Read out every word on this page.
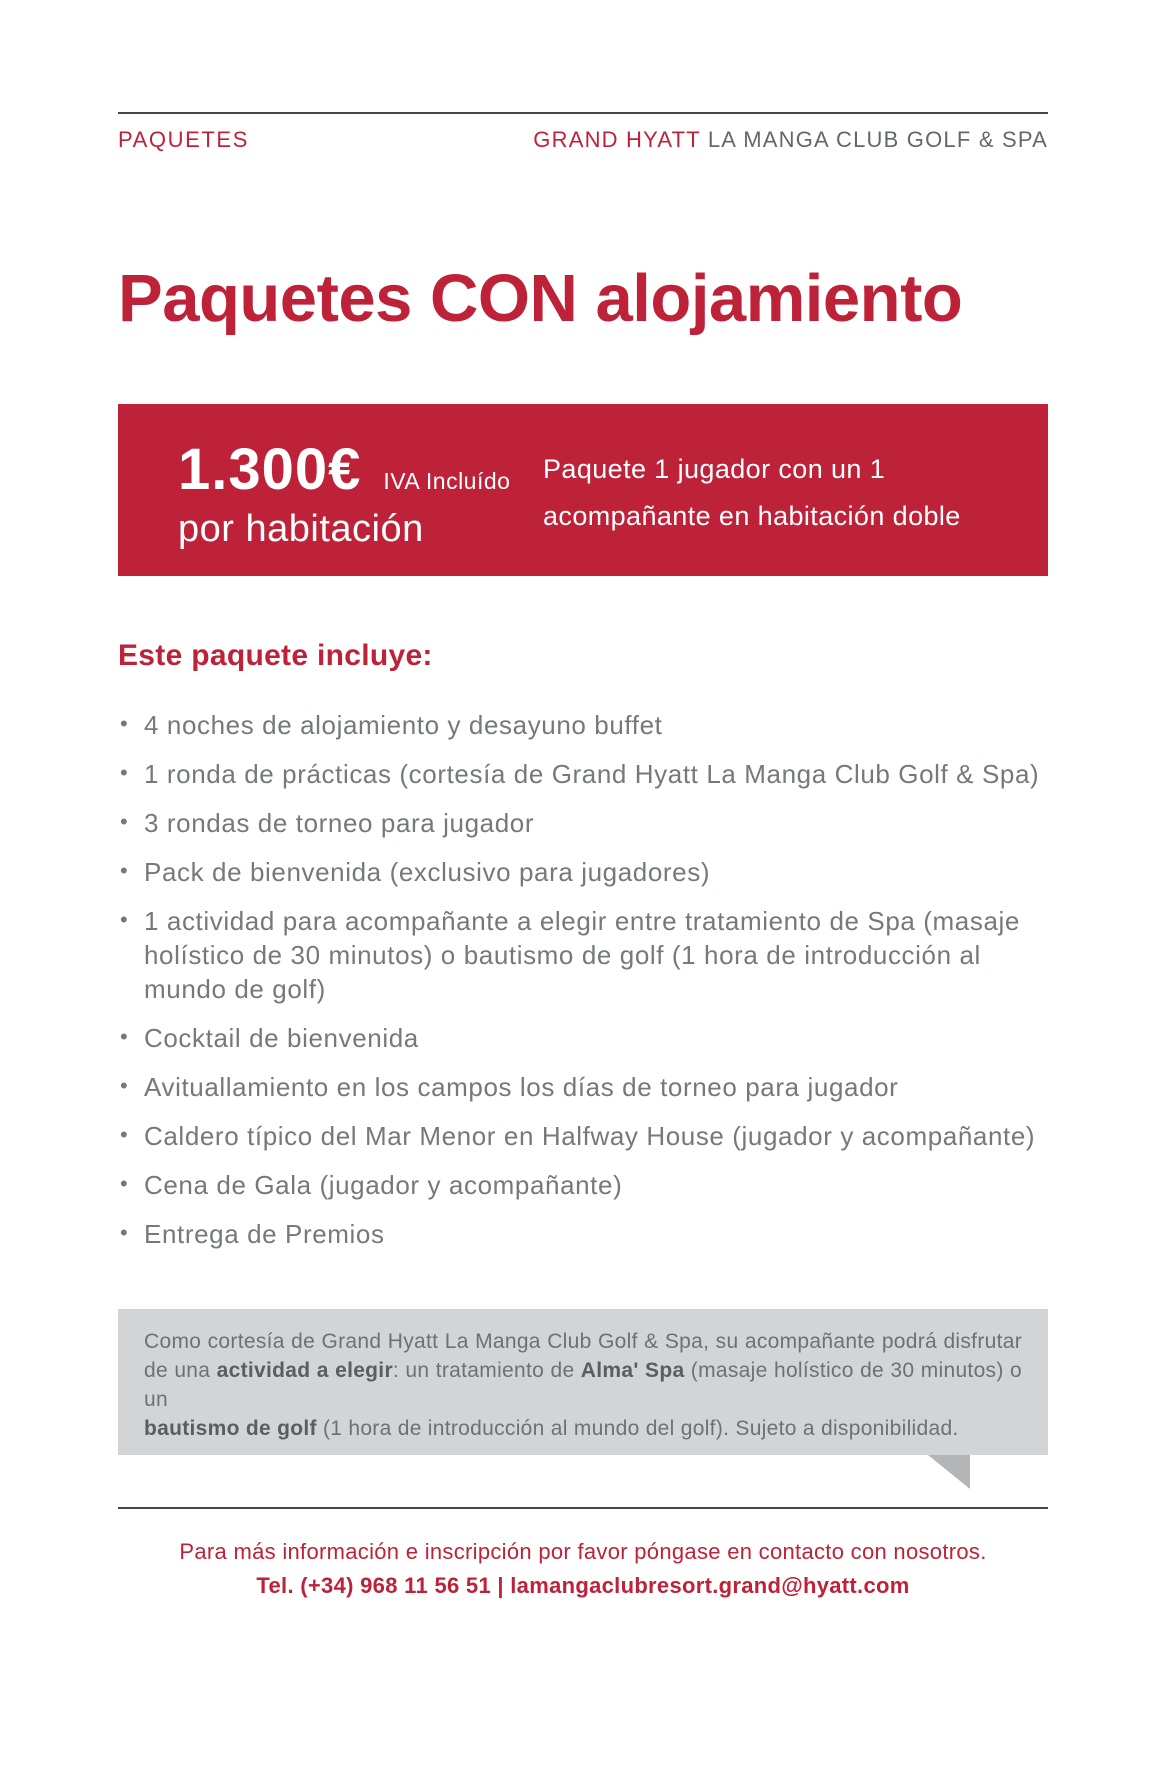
PAQUETES	GRAND HYATT LA MANGA CLUB GOLF & SPA
Paquetes CON alojamiento
1.300€ IVA Incluído
por habitación
Paquete 1 jugador con un 1
acompañante en habitación doble
Este paquete incluye:
• 4 noches de alojamiento y desayuno buffet
• 1 ronda de prácticas (cortesía de Grand Hyatt La Manga Club Golf & Spa)
• 3 rondas de torneo para jugador
• Pack de bienvenida (exclusivo para jugadores)
• 1 actividad para acompañante a elegir entre tratamiento de Spa (masaje holístico de 30 minutos) o bautismo de golf (1 hora de introducción al mundo de golf)
• Cocktail de bienvenida
• Avituallamiento en los campos los días de torneo para jugador
• Caldero típico del Mar Menor en Halfway House (jugador y acompañante)
• Cena de Gala (jugador y acompañante)
• Entrega de Premios
Como cortesía de Grand Hyatt La Manga Club Golf & Spa, su acompañante podrá disfrutar
de una actividad a elegir: un tratamiento de Alma' Spa (masaje holístico de 30 minutos) o un
bautismo de golf (1 hora de introducción al mundo del golf). Sujeto a disponibilidad.
Para más información e inscripción por favor póngase en contacto con nosotros.
Tel. (+34) 968 11 56 51 | lamangaclubresort.grand@hyatt.com
